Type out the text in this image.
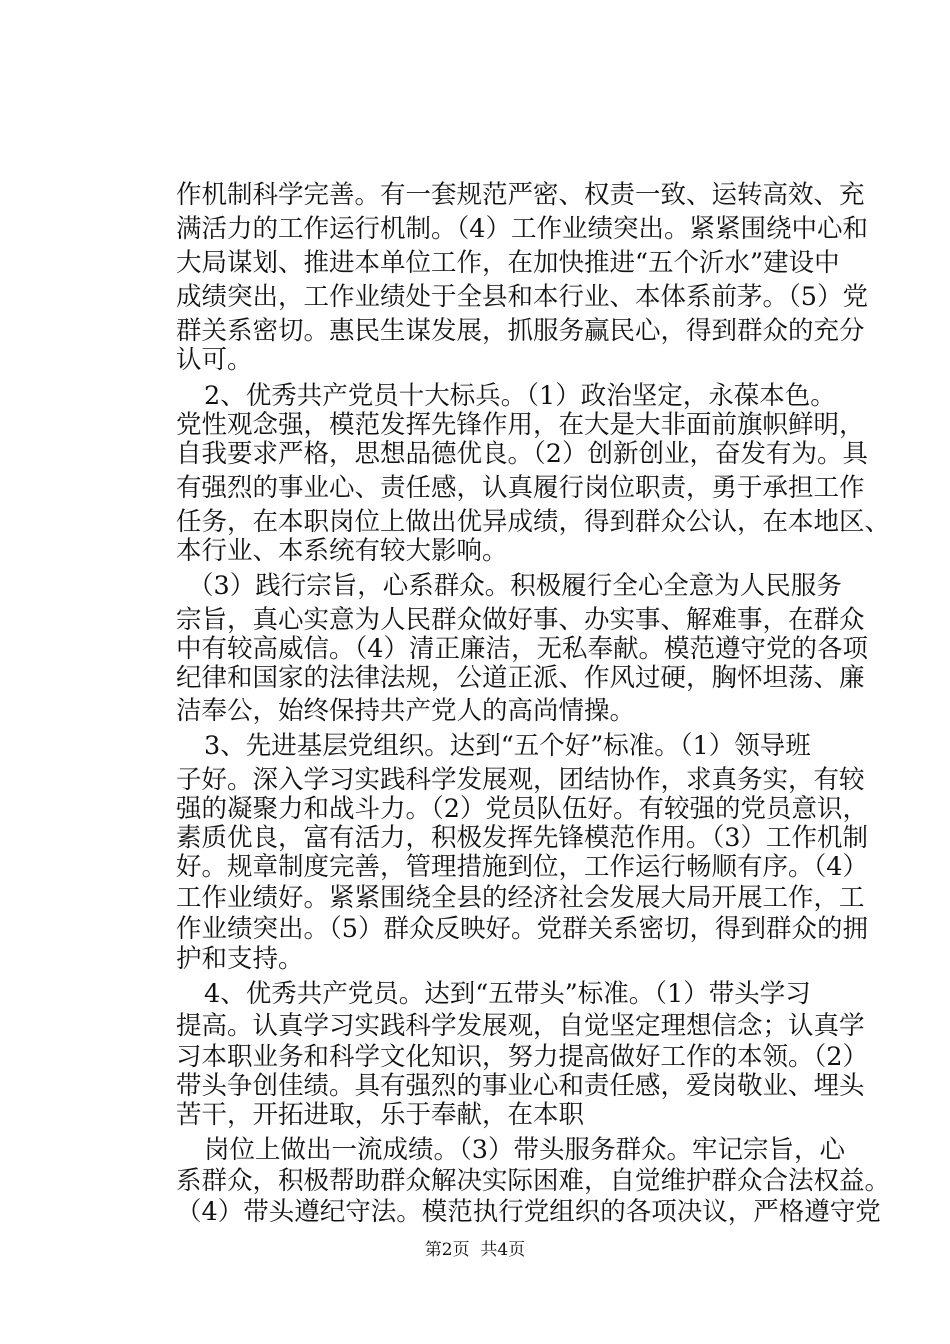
作机制科学完善。有一套规范严密、权责一致、运转高效、充
满活力的工作运行机制。（4）工作业绩突出。紧紧围绕中心和
大局谋划、推进本单位工作，在加快推进“五个沂水”建设中
成绩突出，工作业绩处于全县和本行业、本体系前茅。（5）党
群关系密切。惠民生谋发展，抓服务赢民心，得到群众的充分
认可。
2、优秀共产党员十大标兵。（1）政治坚定，永葆本色。
党性观念强，模范发挥先锋作用，在大是大非面前旗帜鲜明，
自我要求严格，思想品德优良。（2）创新创业，奋发有为。具
有强烈的事业心、责任感，认真履行岗位职责，勇于承担工作
任务，在本职岗位上做出优异成绩，得到群众公认，在本地区、
本行业、本系统有较大影响。
（3）践行宗旨，心系群众。积极履行全心全意为人民服务
宗旨，真心实意为人民群众做好事、办实事、解难事，在群众
中有较高威信。（4）清正廉洁，无私奉献。模范遵守党的各项
纪律和国家的法律法规，公道正派、作风过硬，胸怀坦荡、廉
洁奉公，始终保持共产党人的高尚情操。
3、先进基层党组织。达到“五个好”标准。（1）领导班
子好。深入学习实践科学发展观，团结协作，求真务实，有较
强的凝聚力和战斗力。（2）党员队伍好。有较强的党员意识，
素质优良，富有活力，积极发挥先锋模范作用。（3）工作机制
好。规章制度完善，管理措施到位，工作运行畅顺有序。（4）
工作业绩好。紧紧围绕全县的经济社会发展大局开展工作，工
作业绩突出。（5）群众反映好。党群关系密切，得到群众的拥
护和支持。
4、优秀共产党员。达到“五带头”标准。（1）带头学习
提高。认真学习实践科学发展观，自觉坚定理想信念；认真学
习本职业务和科学文化知识，努力提高做好工作的本领。（2）
带头争创佳绩。具有强烈的事业心和责任感，爱岗敬业、埋头
苦干，开拓进取，乐于奉献，在本职
岗位上做出一流成绩。（3）带头服务群众。牢记宗旨，心
系群众，积极帮助群众解决实际困难，自觉维护群众合法权益。
（4）带头遵纪守法。模范执行党组织的各项决议，严格遵守党
第2页  共4页
